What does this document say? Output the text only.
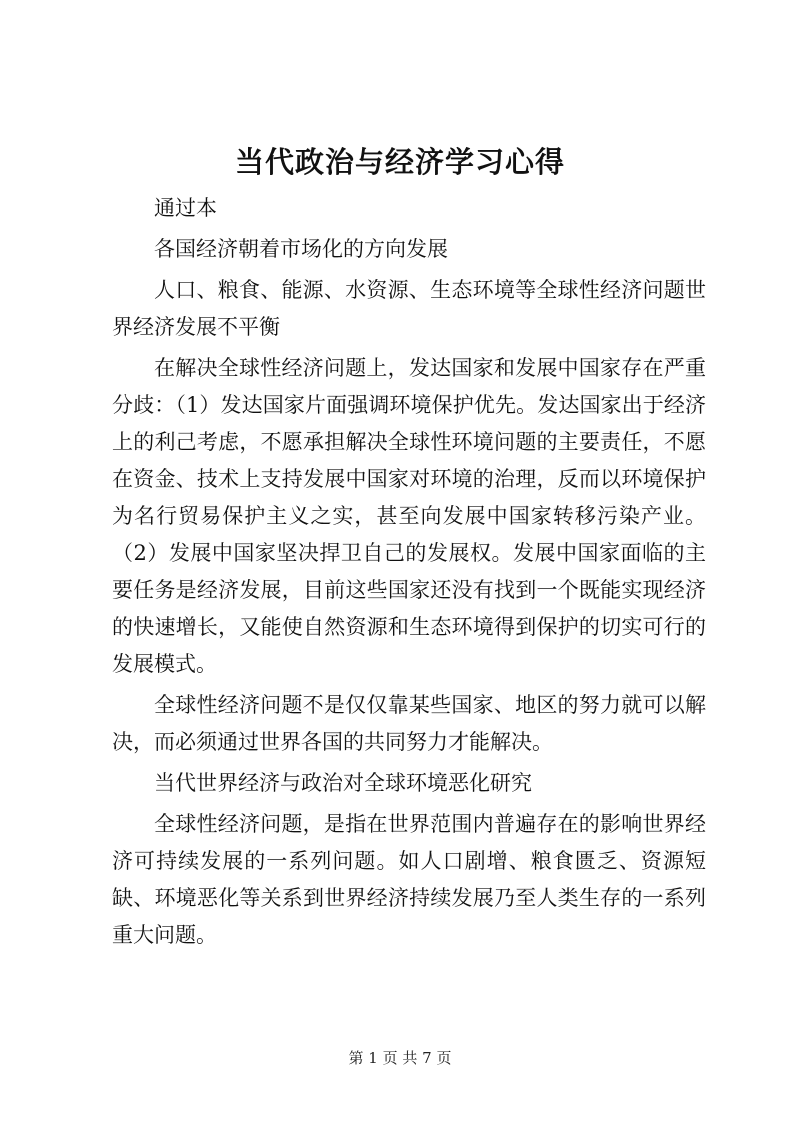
当代政治与经济学习心得

通过本

各国经济朝着市场化的方向发展

人口、粮食、能源、水资源、生态环境等全球性经济问题世界经济发展不平衡

在解决全球性经济问题上，发达国家和发展中国家存在严重分歧：（1）发达国家片面强调环境保护优先。发达国家出于经济上的利己考虑，不愿承担解决全球性环境问题的主要责任，不愿在资金、技术上支持发展中国家对环境的治理，反而以环境保护为名行贸易保护主义之实，甚至向发展中国家转移污染产业。（2）发展中国家坚决捍卫自己的发展权。发展中国家面临的主要任务是经济发展，目前这些国家还没有找到一个既能实现经济的快速增长，又能使自然资源和生态环境得到保护的切实可行的发展模式。

全球性经济问题不是仅仅靠某些国家、地区的努力就可以解决，而必须通过世界各国的共同努力才能解决。

当代世界经济与政治对全球环境恶化研究

全球性经济问题，是指在世界范围内普遍存在的影响世界经济可持续发展的一系列问题。如人口剧增、粮食匮乏、资源短缺、环境恶化等关系到世界经济持续发展乃至人类生存的一系列重大问题。

第 1 页 共 7 页
